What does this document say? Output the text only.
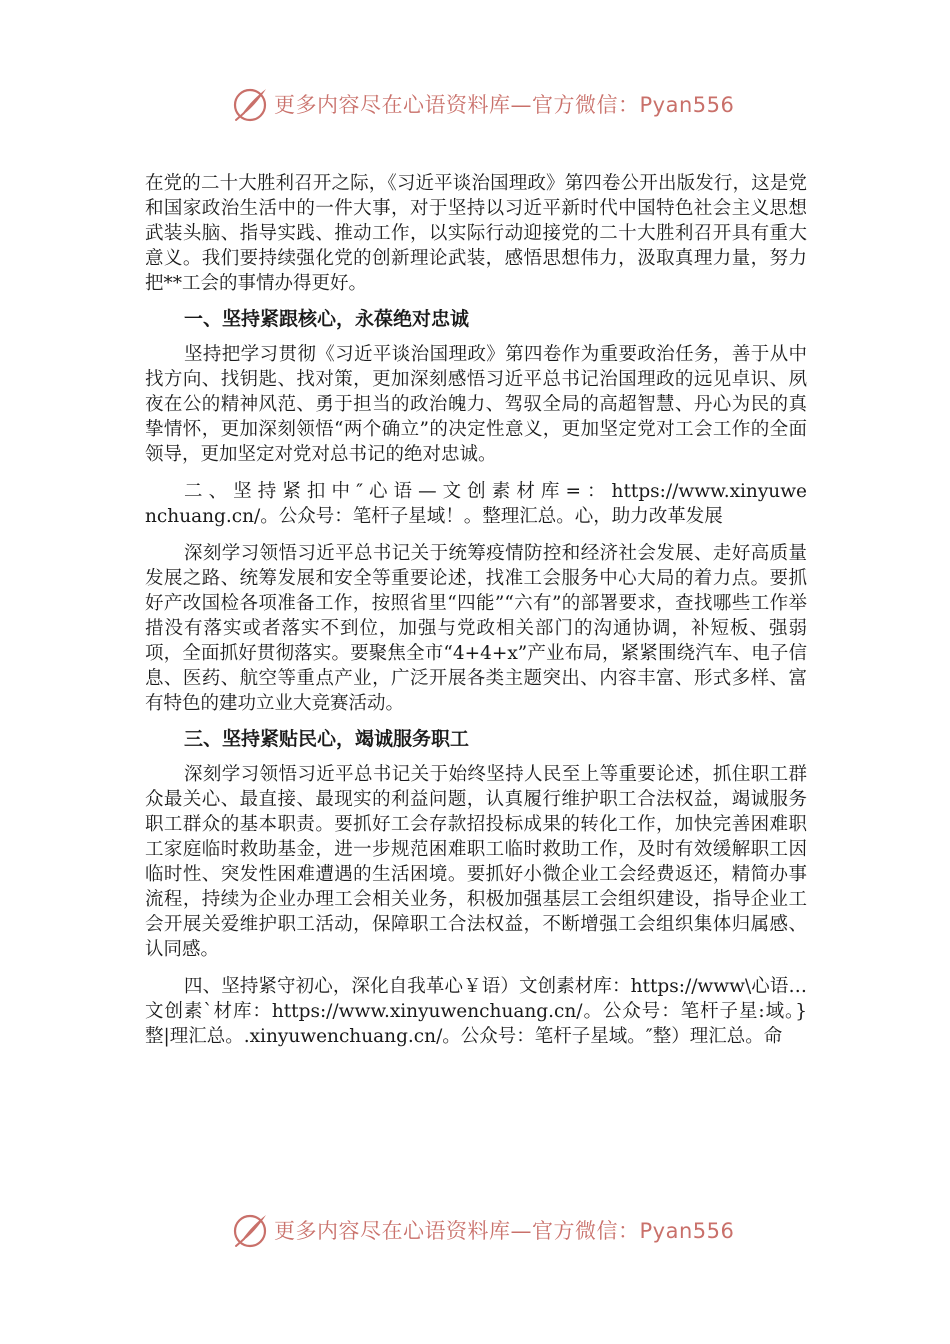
更多内容尽在心语资料库—官方微信：Pyan556

在党的二十大胜利召开之际，《习近平谈治国理政》第四卷公开出版发行，这是党和国家政治生活中的一件大事，对于坚持以习近平新时代中国特色社会主义思想武装头脑、指导实践、推动工作，以实际行动迎接党的二十大胜利召开具有重大意义。我们要持续强化党的创新理论武装，感悟思想伟力，汲取真理力量，努力把**工会的事情办得更好。

一、坚持紧跟核心，永葆绝对忠诚

坚持把学习贯彻《习近平谈治国理政》第四卷作为重要政治任务，善于从中找方向、找钥匙、找对策，更加深刻感悟习近平总书记治国理政的远见卓识、夙夜在公的精神风范、勇于担当的政治魄力、驾驭全局的高超智慧、丹心为民的真挚情怀，更加深刻领悟“两个确立”的决定性意义，更加坚定党对工会工作的全面领导，更加坚定对党对总书记的绝对忠诚。

二 、 坚 持 紧 扣 中 ″ 心 语 — 文 创 素 材 库 = ： https://www.xinyuwenchuang.cn/。公众号：笔杆子星域！。整理汇总。心，助力改革发展

深刻学习领悟习近平总书记关于统筹疫情防控和经济社会发展、走好高质量发展之路、统筹发展和安全等重要论述，找准工会服务中心大局的着力点。要抓好产改国检各项准备工作，按照省里“四能”“六有”的部署要求，查找哪些工作举措没有落实或者落实不到位，加强与党政相关部门的沟通协调，补短板、强弱项，全面抓好贯彻落实。要聚焦全市“4+4+x”产业布局，紧紧围绕汽车、电子信息、医药、航空等重点产业，广泛开展各类主题突出、内容丰富、形式多样、富有特色的建功立业大竞赛活动。

三、坚持紧贴民心，竭诚服务职工

深刻学习领悟习近平总书记关于始终坚持人民至上等重要论述，抓住职工群众最关心、最直接、最现实的利益问题，认真履行维护职工合法权益，竭诚服务职工群众的基本职责。要抓好工会存款招投标成果的转化工作，加快完善困难职工家庭临时救助基金，进一步规范困难职工临时救助工作，及时有效缓解职工因临时性、突发性困难遭遇的生活困境。要抓好小微企业工会经费返还，精简办事流程，持续为企业办理工会相关业务，积极加强基层工会组织建设，指导企业工会开展关爱维护职工活动，保障职工合法权益，不断增强工会组织集体归属感、认同感。

四、坚持紧守初心，深化自我革心￥语）文创素材库：https://www\心语…文创素`材库：https://www.xinyuwenchuang.cn/。公众号：笔杆子星:域。}整|理汇总。.xinyuwenchuang.cn/。公众号：笔杆子星域。″整）理汇总。命

更多内容尽在心语资料库—官方微信：Pyan556
